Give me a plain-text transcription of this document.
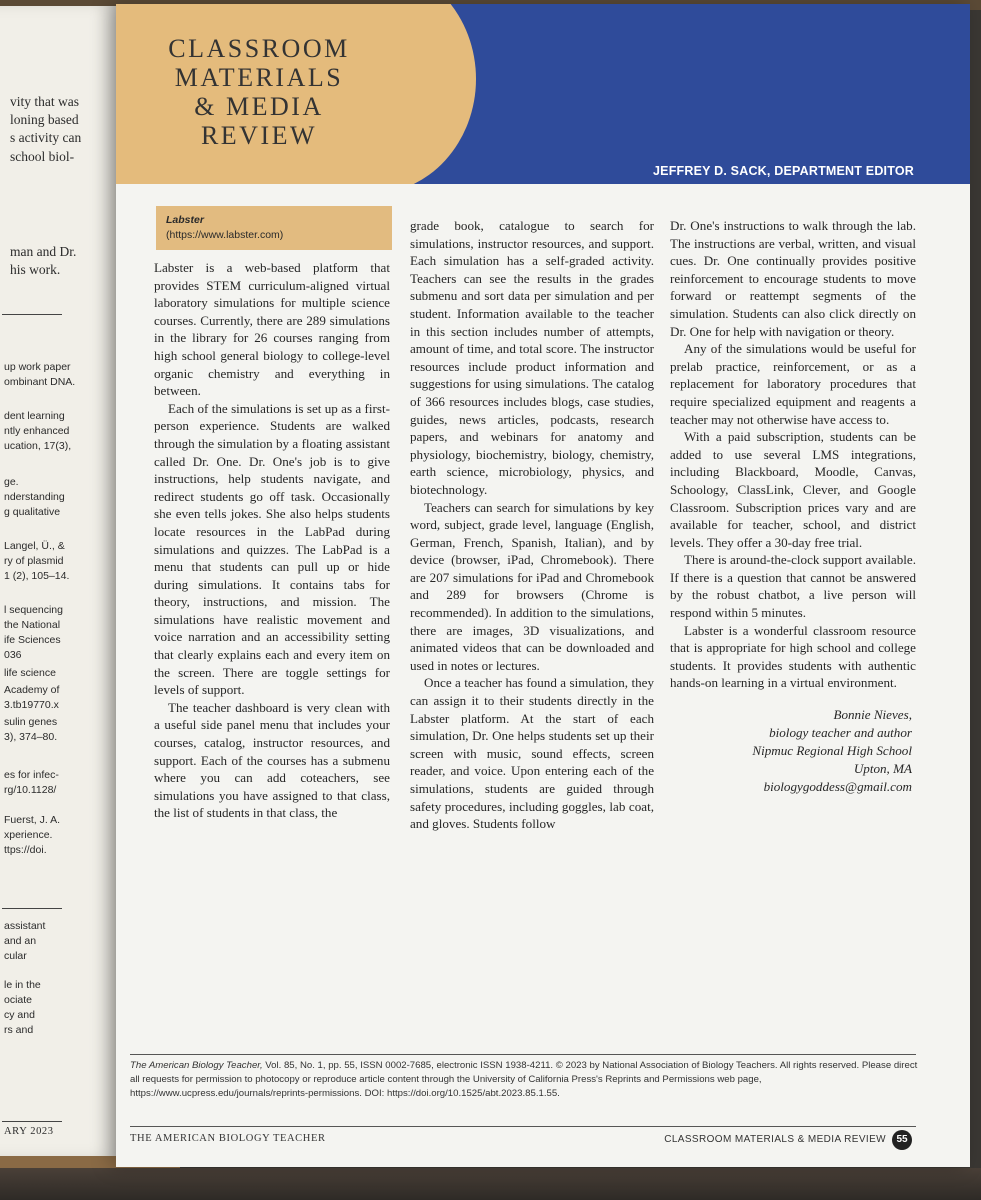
vity that was
loning based
s activity can
school biol-
man and Dr.
his work.
up work paper
ombinant DNA.
dent learning
ntly enhanced
ucation, 17(3),
ge.
nderstanding
g qualitative
Langel, Ü., &
ry of plasmid
1 (2), 105–14.
l sequencing
the National
ife Sciences
036
life science
Academy of
3.tb19770.x
sulin genes
3), 374–80.
es for infec-
rg/10.1128/
Fuerst, J. A.
xperience.
ttps://doi.
assistant
and an
cular
le in the
ociate
cy and
rs and
ARY 2023
CLASSROOM
MATERIALS
& MEDIA
REVIEW
JEFFREY D. SACK, DEPARTMENT EDITOR
Labster
(https://www.labster.com)

Labster is a web-based platform that provides STEM curriculum-aligned virtual laboratory simulations for multiple science courses. Currently, there are 289 simulations in the library for 26 courses ranging from high school general biology to college-level organic chemistry and everything in between.

Each of the simulations is set up as a first-person experience. Students are walked through the simulation by a floating assistant called Dr. One. Dr. One's job is to give instructions, help students navigate, and redirect students go off task. Occasionally she even tells jokes. She also helps students locate resources in the LabPad during simulations and quizzes. The LabPad is a menu that students can pull up or hide during simulations. It contains tabs for theory, instructions, and mission. The simulations have realistic movement and voice narration and an accessibility setting that clearly explains each and every item on the screen. There are toggle settings for levels of support.

The teacher dashboard is very clean with a useful side panel menu that includes your courses, catalog, instructor resources, and support. Each of the courses has a submenu where you can add coteachers, see simulations you have assigned to that class, the list of students in that class, the

grade book, catalogue to search for simulations, instructor resources, and support. Each simulation has a self-graded activity. Teachers can see the results in the grades submenu and sort data per simulation and per student. Information available to the teacher in this section includes number of attempts, amount of time, and total score. The instructor resources include product information and suggestions for using simulations. The catalog of 366 resources includes blogs, case studies, guides, news articles, podcasts, research papers, and webinars for anatomy and physiology, biochemistry, biology, chemistry, earth science, microbiology, physics, and biotechnology.

Teachers can search for simulations by key word, subject, grade level, language (English, German, French, Spanish, Italian), and by device (browser, iPad, Chromebook). There are 207 simulations for iPad and Chromebook and 289 for browsers (Chrome is recommended). In addition to the simulations, there are images, 3D visualizations, and animated videos that can be downloaded and used in notes or lectures.

Once a teacher has found a simulation, they can assign it to their students directly in the Labster platform. At the start of each simulation, Dr. One helps students set up their screen with music, sound effects, screen reader, and voice. Upon entering each of the simulations, students are guided through safety procedures, including goggles, lab coat, and gloves. Students follow

Dr. One's instructions to walk through the lab. The instructions are verbal, written, and visual cues. Dr. One continually provides positive reinforcement to encourage students to move forward or reattempt segments of the simulation. Students can also click directly on Dr. One for help with navigation or theory.

Any of the simulations would be useful for prelab practice, reinforcement, or as a replacement for laboratory procedures that require specialized equipment and reagents a teacher may not otherwise have access to.

With a paid subscription, students can be added to use several LMS integrations, including Blackboard, Moodle, Canvas, Schoology, ClassLink, Clever, and Google Classroom. Subscription prices vary and are available for teacher, school, and district levels. They offer a 30-day free trial.

There is around-the-clock support available. If there is a question that cannot be answered by the robust chatbot, a live person will respond within 5 minutes.

Labster is a wonderful classroom resource that is appropriate for high school and college students. It provides students with authentic hands-on learning in a virtual environment.

Bonnie Nieves,
biology teacher and author
Nipmuc Regional High School
Upton, MA
biologygoddess@gmail.com
The American Biology Teacher, Vol. 85, No. 1, pp. 55, ISSN 0002-7685, electronic ISSN 1938-4211. © 2023 by National Association of Biology Teachers. All rights reserved. Please direct all requests for permission to photocopy or reproduce article content through the University of California Press's Reprints and Permissions web page, https://www.ucpress.edu/journals/reprints-permissions. DOI: https://doi.org/10.1525/abt.2023.85.1.55.
THE AMERICAN BIOLOGY TEACHER	CLASSROOM MATERIALS & MEDIA REVIEW	55
